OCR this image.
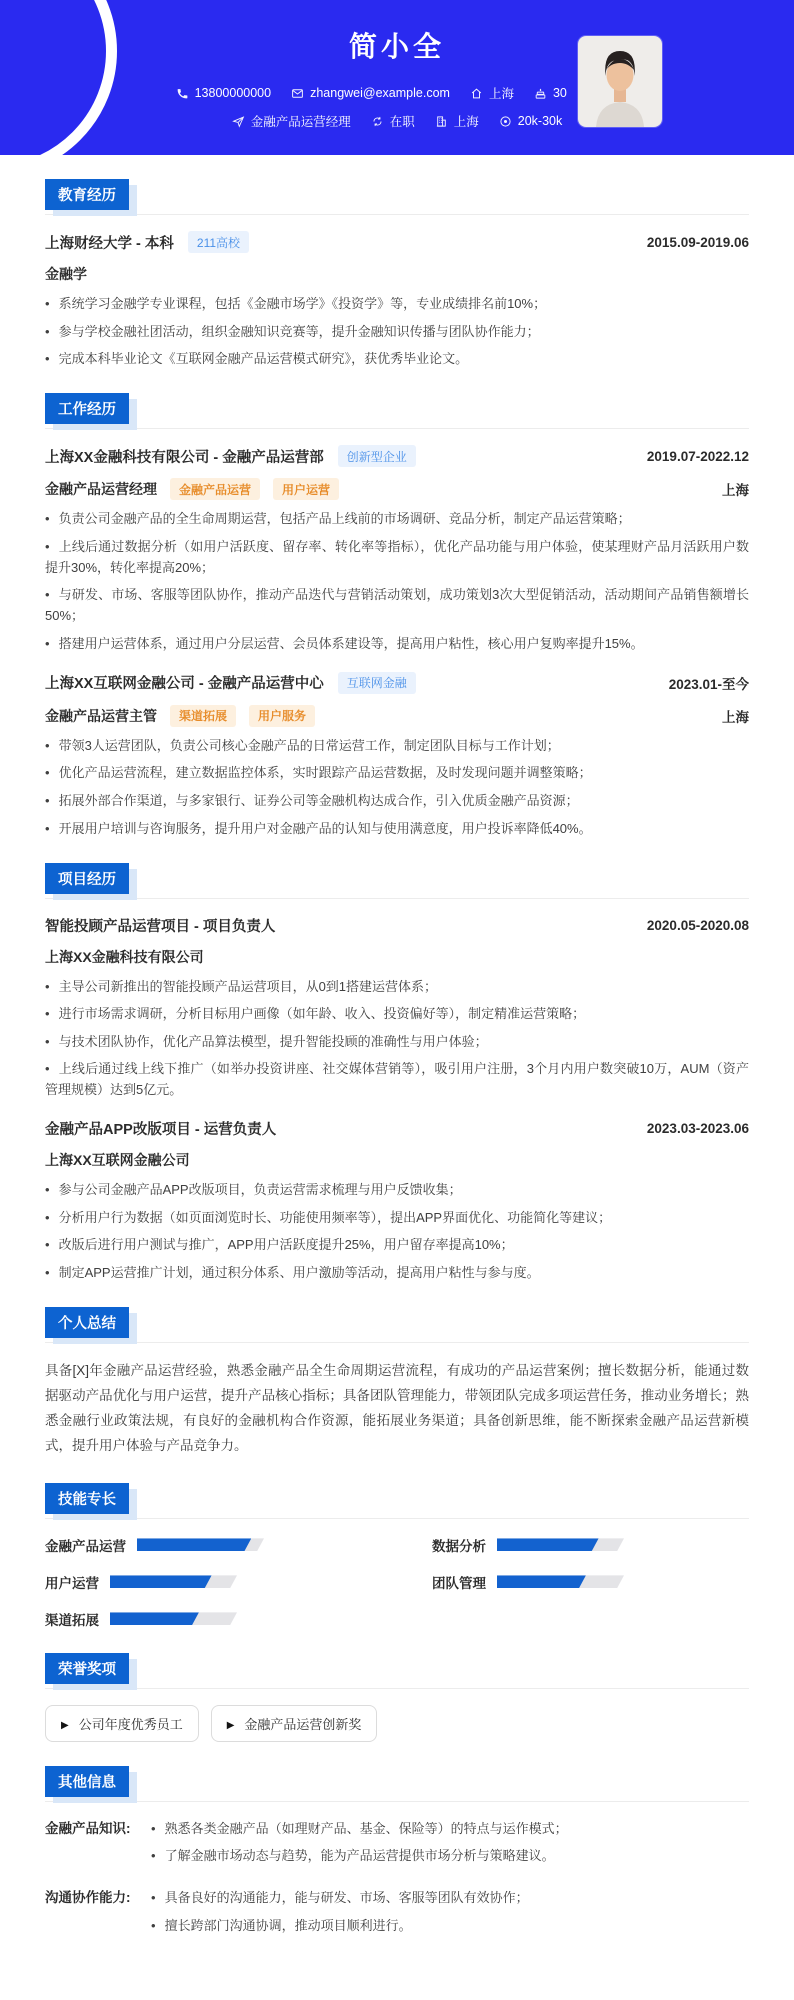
简小全
13800000000	zhangwei@example.com	上海	30
金融产品运营经理	在职	上海	20k-30k
教育经历
上海财经大学 - 本科	211高校	2015.09-2019.06
金融学
• 系统学习金融学专业课程，包括《金融市场学》《投资学》等，专业成绩排名前10%；
• 参与学校金融社团活动，组织金融知识竞赛等，提升金融知识传播与团队协作能力；
• 完成本科毕业论文《互联网金融产品运营模式研究》，获优秀毕业论文。
工作经历
上海XX金融科技有限公司 - 金融产品运营部	创新型企业	2019.07-2022.12
金融产品运营经理	金融产品运营	用户运营	上海
• 负责公司金融产品的全生命周期运营，包括产品上线前的市场调研、竞品分析，制定产品运营策略；
• 上线后通过数据分析（如用户活跃度、留存率、转化率等指标），优化产品功能与用户体验，使某理财产品月活跃用户数提升30%，转化率提高20%；
• 与研发、市场、客服等团队协作，推动产品迭代与营销活动策划，成功策划3次大型促销活动，活动期间产品销售额增长50%；
• 搭建用户运营体系，通过用户分层运营、会员体系建设等，提高用户粘性，核心用户复购率提升15%。
上海XX互联网金融公司 - 金融产品运营中心	互联网金融	2023.01-至今
金融产品运营主管	渠道拓展	用户服务	上海
• 带领3人运营团队，负责公司核心金融产品的日常运营工作，制定团队目标与工作计划；
• 优化产品运营流程，建立数据监控体系，实时跟踪产品运营数据，及时发现问题并调整策略；
• 拓展外部合作渠道，与多家银行、证券公司等金融机构达成合作，引入优质金融产品资源；
• 开展用户培训与咨询服务，提升用户对金融产品的认知与使用满意度，用户投诉率降低40%。
项目经历
智能投顾产品运营项目 - 项目负责人	2020.05-2020.08
上海XX金融科技有限公司
• 主导公司新推出的智能投顾产品运营项目，从0到1搭建运营体系；
• 进行市场需求调研，分析目标用户画像（如年龄、收入、投资偏好等），制定精准运营策略；
• 与技术团队协作，优化产品算法模型，提升智能投顾的准确性与用户体验；
• 上线后通过线上线下推广（如举办投资讲座、社交媒体营销等），吸引用户注册，3个月内用户数突破10万，AUM（资产管理规模）达到5亿元。
金融产品APP改版项目 - 运营负责人	2023.03-2023.06
上海XX互联网金融公司
• 参与公司金融产品APP改版项目，负责运营需求梳理与用户反馈收集；
• 分析用户行为数据（如页面浏览时长、功能使用频率等），提出APP界面优化、功能简化等建议；
• 改版后进行用户测试与推广，APP用户活跃度提升25%，用户留存率提高10%；
• 制定APP运营推广计划，通过积分体系、用户激励等活动，提高用户粘性与参与度。
个人总结
具备[X]年金融产品运营经验，熟悉金融产品全生命周期运营流程，有成功的产品运营案例；擅长数据分析，能通过数据驱动产品优化与用户运营，提升产品核心指标；具备团队管理能力，带领团队完成多项运营任务，推动业务增长；熟悉金融行业政策法规，有良好的金融机构合作资源，能拓展业务渠道；具备创新思维，能不断探索金融产品运营新模式，提升用户体验与产品竞争力。
技能专长
金融产品运营	数据分析
用户运营	团队管理
渠道拓展
荣誉奖项
▶
公司年度优秀员工 ▶	金融产品运营创新奖
其他信息
金融产品知识:	• 熟悉各类金融产品（如理财产品、基金、保险等）的特点与运作模式；
• 了解金融市场动态与趋势，能为产品运营提供市场分析与策略建议。
沟通协作能力:	• 具备良好的沟通能力，能与研发、市场、客服等团队有效协作；
• 擅长跨部门沟通协调，推动项目顺利进行。
